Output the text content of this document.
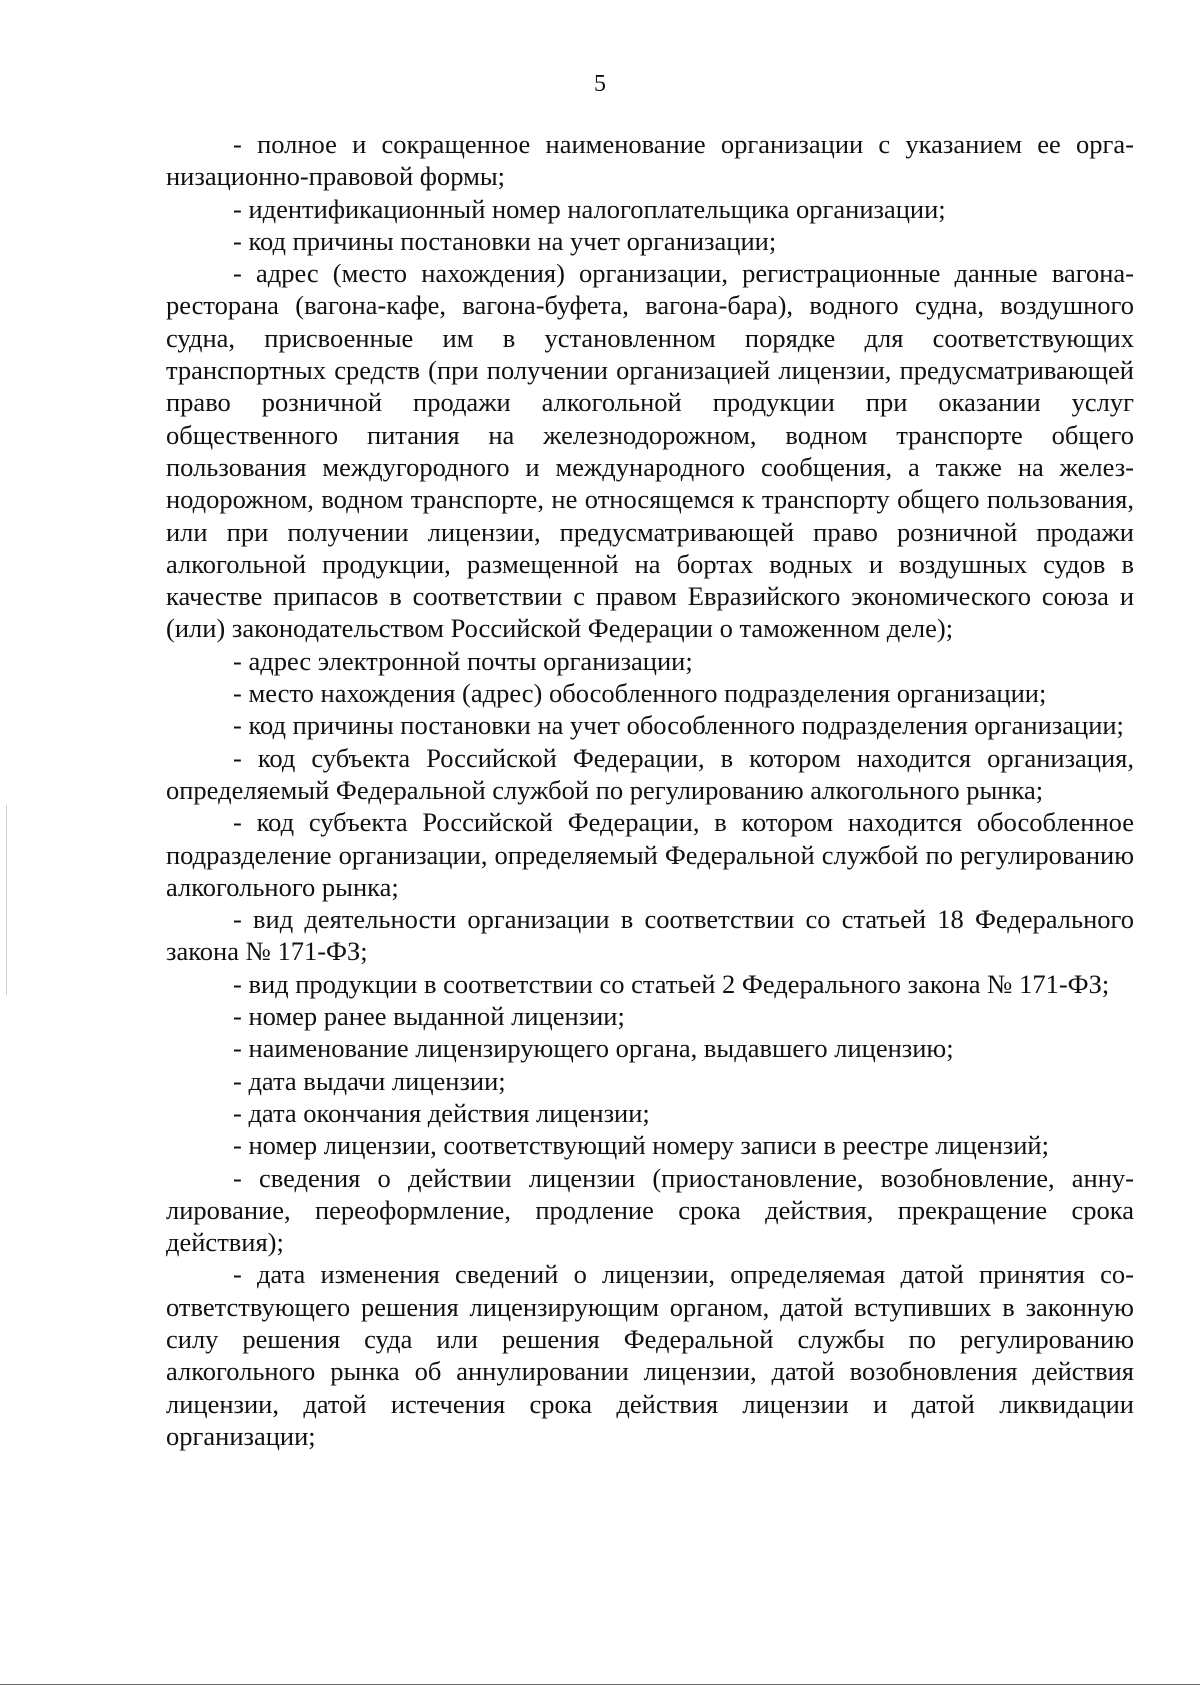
5

- полное и сокращенное наименование организации с указанием ее организационно-правовой формы;

- идентификационный номер налогоплательщика организации;

- код причины постановки на учет организации;

- адрес (место нахождения) организации, регистрационные данные вагона-ресторана (вагона-кафе, вагона-буфета, вагона-бара), водного судна, воздушного судна, присвоенные им в установленном порядке для соответствующих транспортных средств (при получении организацией лицензии, предусматривающей право розничной продажи алкогольной продукции при оказании услуг общественного питания на железнодорожном, водном транспорте общего пользования междугородного и международного сообщения, а также на железнодорожном, водном транспорте, не относящемся к транспорту общего пользования, или при получении лицензии, предусматривающей право розничной продажи алкогольной продукции, размещенной на бортах водных и воздушных судов в качестве припасов в соответствии с правом Евразийского экономического союза и (или) законодательством Российской Федерации о таможенном деле);

- адрес электронной почты организации;

- место нахождения (адрес) обособленного подразделения организации;

- код причины постановки на учет обособленного подразделения организации;

- код субъекта Российской Федерации, в котором находится организация, определяемый Федеральной службой по регулированию алкогольного рынка;

- код субъекта Российской Федерации, в котором находится обособленное подразделение организации, определяемый Федеральной службой по регулированию алкогольного рынка;

- вид деятельности организации в соответствии со статьей 18 Федерального закона № 171-ФЗ;

- вид продукции в соответствии со статьей 2 Федерального закона № 171-ФЗ;

- номер ранее выданной лицензии;

- наименование лицензирующего органа, выдавшего лицензию;

- дата выдачи лицензии;

- дата окончания действия лицензии;

- номер лицензии, соответствующий номеру записи в реестре лицензий;

- сведения о действии лицензии (приостановление, возобновление, аннулирование, переоформление, продление срока действия, прекращение срока действия);

- дата изменения сведений о лицензии, определяемая датой принятия соответствующего решения лицензирующим органом, датой вступивших в законную силу решения суда или решения Федеральной службы по регулированию алкогольного рынка об аннулировании лицензии, датой возобновления действия лицензии, датой истечения срока действия лицензии и датой ликвидации организации;
